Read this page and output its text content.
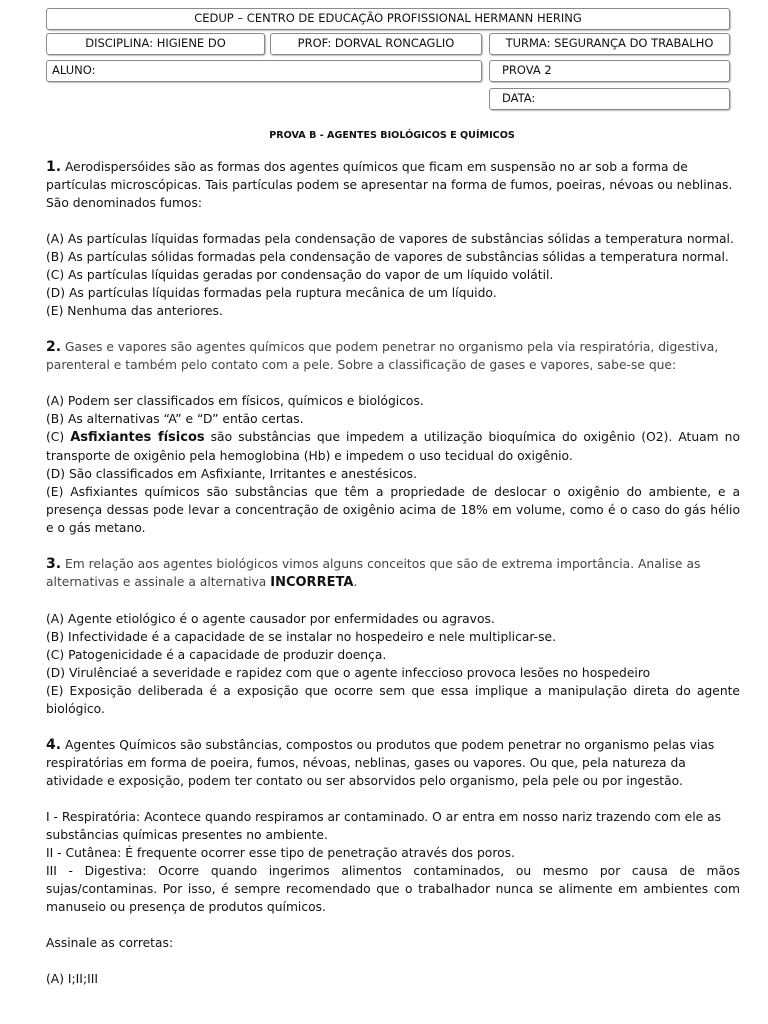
CEDUP – CENTRO DE EDUCAÇÃO PROFISSIONAL HERMANN HERING
DISCIPLINA: HIGIENE DO	PROF: DORVAL RONCAGLIO	TURMA: SEGURANÇA DO TRABALHO
ALUNO:	PROVA 2
DATA:
PROVA B - AGENTES BIOLÓGICOS E QUÍMICOS

1. Aerodispersóides são as formas dos agentes químicos que ficam em suspensão no ar sob a forma de partículas microscópicas. Tais partículas podem se apresentar na forma de fumos, poeiras, névoas ou neblinas. São denominados fumos:

(A) As partículas líquidas formadas pela condensação de vapores de substâncias sólidas a temperatura normal.

(B) As partículas sólidas formadas pela condensação de vapores de substâncias sólidas a temperatura normal.

(C) As partículas líquidas geradas por condensação do vapor de um líquido volátil.

(D) As partículas líquidas formadas pela ruptura mecânica de um líquido.

(E) Nenhuma das anteriores.

2. Gases e vapores são agentes químicos que podem penetrar no organismo pela via respiratória, digestiva, parenteral e também pelo contato com a pele. Sobre a classificação de gases e vapores, sabe-se que:

(A) Podem ser classificados em físicos, químicos e biológicos.

(B) As alternativas “A” e “D” então certas.

(C) Asfixiantes físicos são substâncias que impedem a utilização bioquímica do oxigênio (O2). Atuam no transporte de oxigênio pela hemoglobina (Hb) e impedem o uso tecidual do oxigênio.

(D) São classificados em Asfixiante, Irritantes e anestésicos.

(E) Asfixiantes químicos são substâncias que têm a propriedade de deslocar o oxigênio do ambiente, e a presença dessas pode levar a concentração de oxigênio acima de 18% em volume, como é o caso do gás hélio e o gás metano.

3. Em relação aos agentes biológicos vimos alguns conceitos que são de extrema importância. Analise as alternativas e assinale a alternativa INCORRETA.

(A) Agente etiológico é o agente causador por enfermidades ou agravos.

(B) Infectividade é a capacidade de se instalar no hospedeiro e nele multiplicar-se.

(C) Patogenicidade é a capacidade de produzir doença.

(D) Virulênciaé a severidade e rapidez com que o agente infeccioso provoca lesões no hospedeiro

(E) Exposição deliberada é a exposição que ocorre sem que essa implique a manipulação direta do agente biológico.

4. Agentes Químicos são substâncias, compostos ou produtos que podem penetrar no organismo pelas vias respiratórias em forma de poeira, fumos, névoas, neblinas, gases ou vapores. Ou que, pela natureza da atividade e exposição, podem ter contato ou ser absorvidos pelo organismo, pela pele ou por ingestão.

I - Respiratória: Acontece quando respiramos ar contaminado. O ar entra em nosso nariz trazendo com ele as substâncias químicas presentes no ambiente.

II - Cutânea: É frequente ocorrer esse tipo de penetração através dos poros.

III - Digestiva: Ocorre quando ingerimos alimentos contaminados, ou mesmo por causa de mãos sujas/contaminas. Por isso, é sempre recomendado que o trabalhador nunca se alimente em ambientes com manuseio ou presença de produtos químicos.

Assinale as corretas:

(A) I;II;III
